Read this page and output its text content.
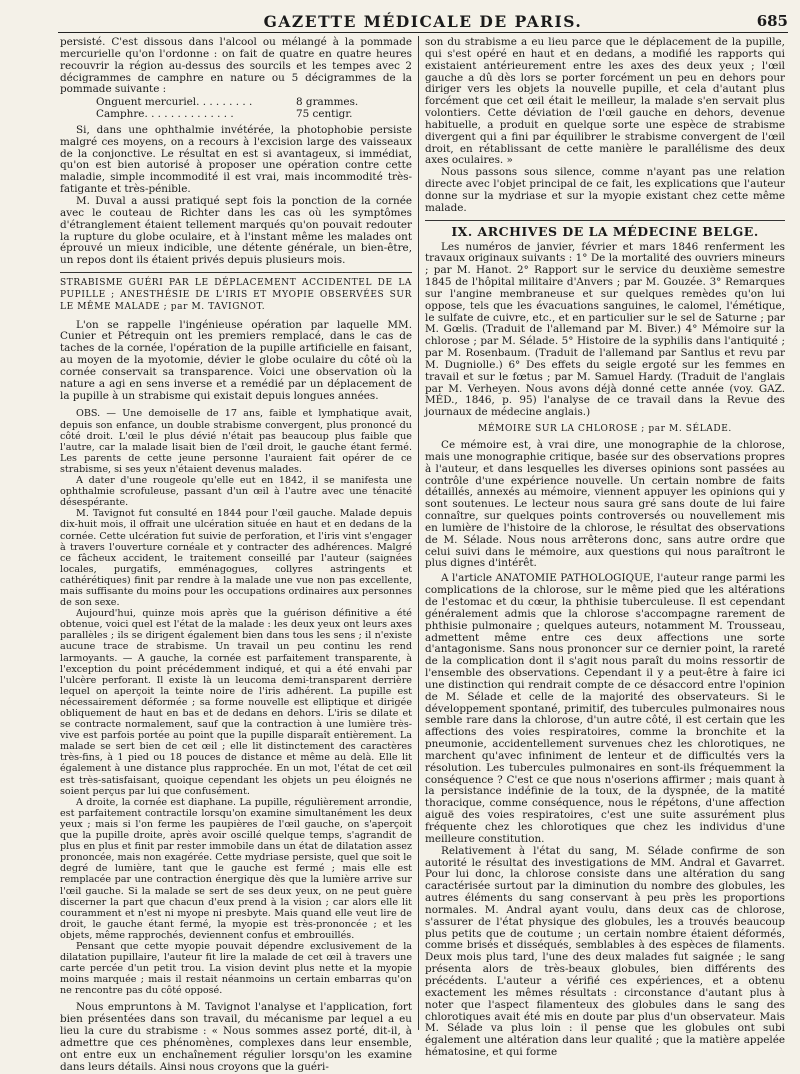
GAZETTE MÉDICALE DE PARIS.	685

persisté. C'est dissous dans l'alcool ou mélangé à la pommade mercurielle qu'on l'ordonne : on fait de quatre en quatre heures recouvrir la région au-dessus des sourcils et les tempes avec 2 décigrammes de camphre en nature ou 5 décigrammes de la pommade suivante :

Onguent mercuriel. . . . . . . . .	8 grammes.
Camphre. . . . . . . . . . . . . .	75 centigr.

Si, dans une ophthalmie invétérée, la photophobie persiste malgré ces moyens, on a recours à l'excision large des vaisseaux de la conjonctive. Le résultat en est si avantageux, si immédiat, qu'on est bien autorisé à proposer une opération contre cette maladie, simple incommodité il est vrai, mais incommodité très-fatigante et très-pénible.

M. Duval a aussi pratiqué sept fois la ponction de la cornée avec le couteau de Richter dans les cas où les symptômes d'étranglement étaient tellement marqués qu'on pouvait redouter la rupture du globe oculaire, et à l'instant même les malades ont éprouvé un mieux indicible, une détente générale, un bien-être, un repos dont ils étaient privés depuis plusieurs mois.

STRABISME GUÉRI PAR LE DÉPLACEMENT ACCIDENTEL DE LA PUPILLE ; ANESTHÉSIE DE L'IRIS ET MYOPIE OBSERVÉES SUR LE MÊME MALADE ; par M. TAVIGNOT.

L'on se rappelle l'ingénieuse opération par laquelle MM. Cunier et Pétrequin ont les premiers remplacé, dans le cas de taches de la cornée, l'opération de la pupille artificielle en faisant, au moyen de la myotomie, dévier le globe oculaire du côté où la cornée conservait sa transparence. Voici une observation où la nature a agi en sens inverse et a remédié par un déplacement de la pupille à un strabisme qui existait depuis longues années.

OBS. — Une demoiselle de 17 ans, faible et lymphatique avait, depuis son enfance, un double strabisme convergent, plus prononcé du côté droit. L'œil le plus dévié n'était pas beaucoup plus faible que l'autre, car la malade lisait bien de l'œil droit, le gauche étant fermé. Les parents de cette jeune personne l'auraient fait opérer de ce strabisme, si ses yeux n'étaient devenus malades.

A dater d'une rougeole qu'elle eut en 1842, il se manifesta une ophthalmie scrofuleuse, passant d'un œil à l'autre avec une ténacité désespérante.

M. Tavignot fut consulté en 1844 pour l'œil gauche. Malade depuis dix-huit mois, il offrait une ulcération située en haut et en dedans de la cornée. Cette ulcération fut suivie de perforation, et l'iris vint s'engager à travers l'ouverture cornéale et y contracter des adhérences. Malgré ce fâcheux accident, le traitement conseillé par l'auteur (saignées locales, purgatifs, emménagogues, collyres astringents et cathérétiques) finit par rendre à la malade une vue non pas excellente, mais suffisante du moins pour les occupations ordinaires aux personnes de son sexe.

Aujourd'hui, quinze mois après que la guérison définitive a été obtenue, voici quel est l'état de la malade : les deux yeux ont leurs axes parallèles ; ils se dirigent également bien dans tous les sens ; il n'existe aucune trace de strabisme. Un travail un peu continu les rend larmoyants. — A gauche, la cornée est parfaitement transparente, à l'exception du point précédemment indiqué, et qui a été envahi par l'ulcère perforant. Il existe là un leucoma demi-transparent derrière lequel on aperçoit la teinte noire de l'iris adhérent. La pupille est nécessairement déformée ; sa forme nouvelle est elliptique et dirigée obliquement de haut en bas et de dedans en dehors. L'iris se dilate et se contracte normalement, sauf que la contraction à une lumière très-vive est parfois portée au point que la pupille disparaît entièrement. La malade se sert bien de cet œil ; elle lit distinctement des caractères très-fins, à 1 pied ou 18 pouces de distance et même au delà. Elle lit également à une distance plus rapprochée. En un mot, l'état de cet œil est très-satisfaisant, quoique cependant les objets un peu éloignés ne soient perçus par lui que confusément.

A droite, la cornée est diaphane. La pupille, régulièrement arrondie, est parfaitement contractile lorsqu'on examine simultanément les deux yeux ; mais si l'on ferme les paupières de l'œil gauche, on s'aperçoit que la pupille droite, après avoir oscillé quelque temps, s'agrandit de plus en plus et finit par rester immobile dans un état de dilatation assez prononcée, mais non exagérée. Cette mydriase persiste, quel que soit le degré de lumière, tant que le gauche est fermé ; mais elle est remplacée par une contraction énergique dès que la lumière arrive sur l'œil gauche. Si la malade se sert de ses deux yeux, on ne peut guère discerner la part que chacun d'eux prend à la vision ; car alors elle lit couramment et n'est ni myope ni presbyte. Mais quand elle veut lire de droit, le gauche étant fermé, la myopie est très-prononcée ; et les objets, même rapprochés, deviennent confus et embrouillés.

Pensant que cette myopie pouvait dépendre exclusivement de la dilatation pupillaire, l'auteur fit lire la malade de cet œil à travers une carte percée d'un petit trou. La vision devint plus nette et la myopie moins marquée ; mais il restait néanmoins un certain embarras qu'on ne rencontre pas du côté opposé.

Nous empruntons à M. Tavignot l'analyse et l'application, fort bien présentées dans son travail, du mécanisme par lequel a eu lieu la cure du strabisme : « Nous sommes assez porté, dit-il, à admettre que ces phénomènes, complexes dans leur ensemble, ont entre eux un enchaînement régulier lorsqu'on les examine dans leurs détails. Ainsi nous croyons que la guéri-

son du strabisme a eu lieu parce que le déplacement de la pupille, qui s'est opéré en haut et en dedans, a modifié les rapports qui existaient antérieurement entre les axes des deux yeux ; l'œil gauche a dû dès lors se porter forcément un peu en dehors pour diriger vers les objets la nouvelle pupille, et cela d'autant plus forcément que cet œil était le meilleur, la malade s'en servait plus volontiers. Cette déviation de l'œil gauche en dehors, devenue habituelle, a produit en quelque sorte une espèce de strabisme divergent qui a fini par équilibrer le strabisme convergent de l'œil droit, en rétablissant de cette manière le parallélisme des deux axes oculaires. »

Nous passons sous silence, comme n'ayant pas une relation directe avec l'objet principal de ce fait, les explications que l'auteur donne sur la mydriase et sur la myopie existant chez cette même malade.

IX. ARCHIVES DE LA MÉDECINE BELGE.

Les numéros de janvier, février et mars 1846 renferment les travaux originaux suivants : 1° De la mortalité des ouvriers mineurs ; par M. Hanot. 2° Rapport sur le service du deuxième semestre 1845 de l'hôpital militaire d'Anvers ; par M. Gouzée. 3° Remarques sur l'angine membraneuse et sur quelques remèdes qu'on lui oppose, tels que les évacuations sanguines, le calomel, l'émétique, le sulfate de cuivre, etc., et en particulier sur le sel de Saturne ; par M. Gœlis. (Traduit de l'allemand par M. Biver.) 4° Mémoire sur la chlorose ; par M. Sélade. 5° Histoire de la syphilis dans l'antiquité ; par M. Rosenbaum. (Traduit de l'allemand par Santlus et revu par M. Dugniolle.) 6° Des effets du seigle ergoté sur les femmes en travail et sur le fœtus ; par M. Samuel Hardy. (Traduit de l'anglais par M. Verheyen. Nous avons déjà donné cette année (voy. GAZ. MÉD., 1846, p. 95) l'analyse de ce travail dans la Revue des journaux de médecine anglais.)

MÉMOIRE SUR LA CHLOROSE ; par M. SÉLADE.

Ce mémoire est, à vrai dire, une monographie de la chlorose, mais une monographie critique, basée sur des observations propres à l'auteur, et dans lesquelles les diverses opinions sont passées au contrôle d'une expérience nouvelle. Un certain nombre de faits détaillés, annexés au mémoire, viennent appuyer les opinions qui y sont soutenues. Le lecteur nous saura gré sans doute de lui faire connaître, sur quelques points controversés ou nouvellement mis en lumière de l'histoire de la chlorose, le résultat des observations de M. Sélade. Nous nous arrêterons donc, sans autre ordre que celui suivi dans le mémoire, aux questions qui nous paraîtront le plus dignes d'intérêt.

A l'article ANATOMIE PATHOLOGIQUE, l'auteur range parmi les complications de la chlorose, sur le même pied que les altérations de l'estomac et du cœur, la phthisie tuberculeuse. Il est cependant généralement admis que la chlorose s'accompagne rarement de phthisie pulmonaire ; quelques auteurs, notamment M. Trousseau, admettent même entre ces deux affections une sorte d'antagonisme. Sans nous prononcer sur ce dernier point, la rareté de la complication dont il s'agit nous paraît du moins ressortir de l'ensemble des observations. Cependant il y a peut-être à faire ici une distinction qui rendrait compte de ce désaccord entre l'opinion de M. Sélade et celle de la majorité des observateurs. Si le développement spontané, primitif, des tubercules pulmonaires nous semble rare dans la chlorose, d'un autre côté, il est certain que les affections des voies respiratoires, comme la bronchite et la pneumonie, accidentellement survenues chez les chlorotiques, ne marchent qu'avec infiniment de lenteur et de difficultés vers la résolution. Les tubercules pulmonaires en sont-ils fréquemment la conséquence ? C'est ce que nous n'oserions affirmer ; mais quant à la persistance indéfinie de la toux, de la dyspnée, de la matité thoracique, comme conséquence, nous le répétons, d'une affection aiguë des voies respiratoires, c'est une suite assurément plus fréquente chez les chlorotiques que chez les individus d'une meilleure constitution.

Relativement à l'état du sang, M. Sélade confirme de son autorité le résultat des investigations de MM. Andral et Gavarret. Pour lui donc, la chlorose consiste dans une altération du sang caractérisée surtout par la diminution du nombre des globules, les autres éléments du sang conservant à peu près les proportions normales. M. Andral ayant voulu, dans deux cas de chlorose, s'assurer de l'état physique des globules, les a trouvés beaucoup plus petits que de coutume ; un certain nombre étaient déformés, comme brisés et disséqués, semblables à des espèces de filaments. Deux mois plus tard, l'une des deux malades fut saignée ; le sang présenta alors de très-beaux globules, bien différents des précédents. L'auteur a vérifié ces expériences, et a obtenu exactement les mêmes résultats : circonstance d'autant plus à noter que l'aspect filamenteux des globules dans le sang des chlorotiques avait été mis en doute par plus d'un observateur. Mais M. Sélade va plus loin : il pense que les globules ont subi également une altération dans leur qualité ; que la matière appelée hématosine, et qui forme
